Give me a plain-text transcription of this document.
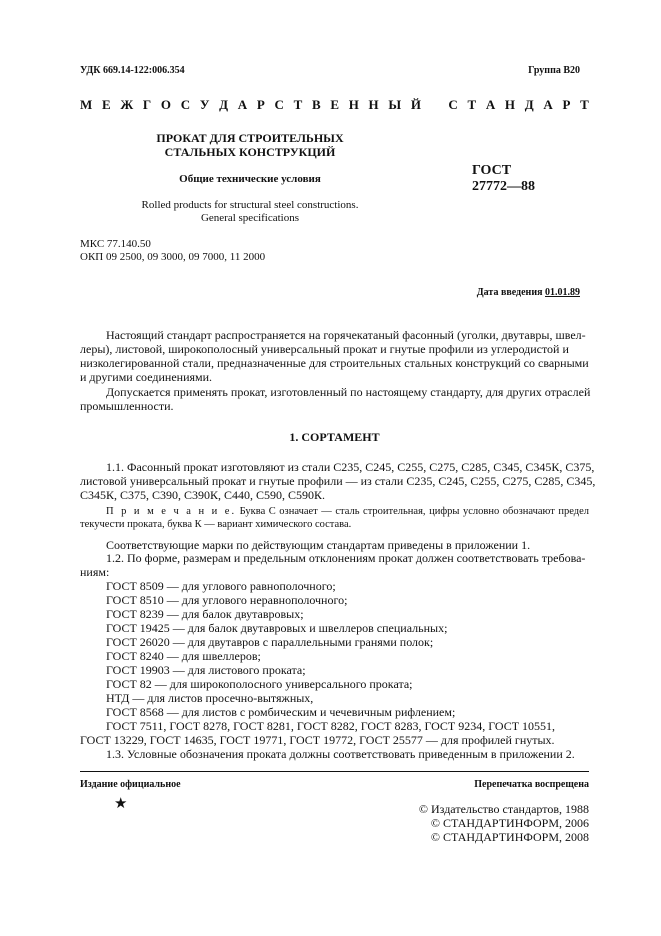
УДК 669.14-122:006.354	Группа В20
М Е Ж Г О С У Д А Р С Т В Е Н Н Ы Й С Т А Н Д А Р Т
ПРОКАТ ДЛЯ СТРОИТЕЛЬНЫХ
СТАЛЬНЫХ КОНСТРУКЦИЙ
Общие технические условия
Rolled products for structural steel constructions.
General specifications
ГОСТ
27772—88
МКС 77.140.50
ОКП 09 2500, 09 3000, 09 7000, 11 2000
Дата введения 01.01.89
Настоящий стандарт распространяется на горячекатаный фасонный (уголки, двутавры, швел-
леры), листовой, широкополосный универсальный прокат и гнутые профили из углеродистой и
низколегированной стали, предназначенные для строительных стальных конструкций со сварными
и другими соединениями.
Допускается применять прокат, изготовленный по настоящему стандарту, для других отраслей
промышленности.
1. СОРТАМЕНТ
1.1. Фасонный прокат изготовляют из стали С235, С245, С255, С275, С285, С345, С345К, С375,
листовой универсальный прокат и гнутые профили — из стали С235, С245, С255, С275, С285, С345,
С345К, С375, С390, С390К, С440, С590, С590К.
П р и м е ч а н и е. Буква С означает — сталь строительная, цифры условно обозначают предел текучести проката, буква К — вариант химического состава.
Соответствующие марки по действующим стандартам приведены в приложении 1.
1.2. По форме, размерам и предельным отклонениям прокат должен соответствовать требова-
ниям:
ГОСТ 8509 — для углового равнополочного;
ГОСТ 8510 — для углового неравнополочного;
ГОСТ 8239 — для балок двутавровых;
ГОСТ 19425 — для балок двутавровых и швеллеров специальных;
ГОСТ 26020 — для двутавров с параллельными гранями полок;
ГОСТ 8240 — для швеллеров;
ГОСТ 19903 — для листового проката;
ГОСТ 82 — для широкополосного универсального проката;
НТД — для листов просечно-вытяжных,
ГОСТ 8568 — для листов с ромбическим и чечевичным рифлением;
ГОСТ 7511, ГОСТ 8278, ГОСТ 8281, ГОСТ 8282, ГОСТ 8283, ГОСТ 9234, ГОСТ 10551,
ГОСТ 13229, ГОСТ 14635, ГОСТ 19771, ГОСТ 19772, ГОСТ 25577 — для профилей гнутых.
1.3. Условные обозначения проката должны соответствовать приведенным в приложении 2.
Издание официальное	Перепечатка воспрещена
★	© Издательство стандартов, 1988
© СТАНДАРТИНФОРМ, 2006
© СТАНДАРТИНФОРМ, 2008
